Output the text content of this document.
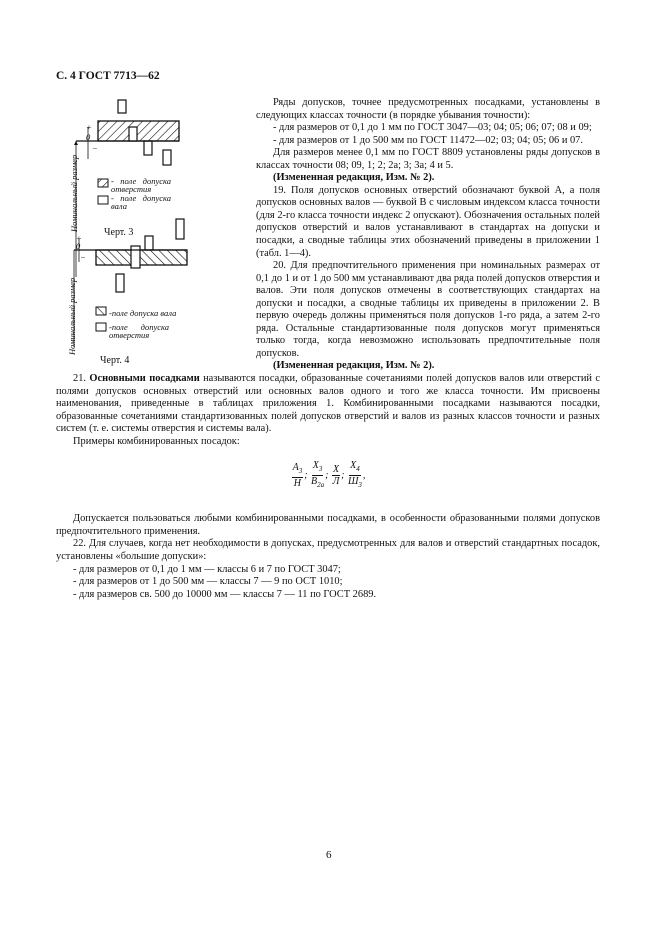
С. 4 ГОСТ 7713—62
+
0
−
Номинальный размер	- поле допуска отверстия
- поле допуска вала
Черт. 3
+
0
−
Номинальный размер	-поле допуска вала
-поле допуска отверстия
Черт. 4

Ряды допусков, точнее предусмотренных посадками, установлены в следующих классах точности (в порядке убывания точности):

- для размеров от 0,1 до 1 мм по ГОСТ 3047—03; 04; 05; 06; 07; 08 и 09;

- для размеров от 1 до 500 мм по ГОСТ 11472—02; 03; 04; 05; 06 и 07.

Для размеров менее 0,1 мм по ГОСТ 8809 установлены ряды допусков в классах точности 08; 09, 1; 2; 2а; 3; 3а; 4 и 5.

(Измененная редакция, Изм. № 2).

19. Поля допусков основных отверстий обозначают буквой А, а поля допусков основных валов — буквой В с числовым индексом класса точности (для 2-го класса точности индекс 2 опускают). Обозначения остальных полей допусков отверстий и валов устанавливают в стандартах на допуски и посадки, а сводные таблицы этих обозначений приведены в приложении 1 (табл. 1—4).

20. Для предпочтительного применения при номинальных размерах от 0,1 до 1 и от 1 до 500 мм устанавливают два ряда полей допусков отверстия и валов. Эти поля допусков отмечены в соответствующих стандартах на допуски и посадки, а сводные таблицы их приведены в приложении 2. В первую очередь должны применяться поля допусков 1-го ряда, а затем 2-го ряда. Остальные стандартизованные поля допусков могут применяться только тогда, когда невозможно использовать предпочтительные поля допусков.

(Измененная редакция, Изм. № 2).

21. Основными посадками называются посадки, образованные сочетаниями полей допусков валов или отверстий с полями допусков основных отверстий или основных валов одного и того же класса точности. Им присвоены наименования, приведенные в таблицах приложения 1. Комбинированными посадками называются посадки, образованные сочетаниями стандартизованных полей допусков отверстий и валов из разных классов точности и разных систем (т. е. системы отверстия и системы вала).

Примеры комбинированных посадок:

$\frac{A_3}{H}$ ; $\frac{X_3}{B_{2a}}$ ; $\frac{X}{Л}$ ; $\frac{X_4}{Ш_3}$ ,

Допускается пользоваться любыми комбинированными посадками, в особенности образованными полями допусков предпочтительного применения.

22. Для случаев, когда нет необходимости в допусках, предусмотренных для валов и отверстий стандартных посадок, установлены «большие допуски»:

- для размеров от 0,1 до 1 мм — классы 6 и 7 по ГОСТ 3047;

- для размеров от 1 до 500 мм — классы 7 — 9 по ОСТ 1010;

- для размеров св. 500 до 10000 мм — классы 7 — 11 по ГОСТ 2689.

6
